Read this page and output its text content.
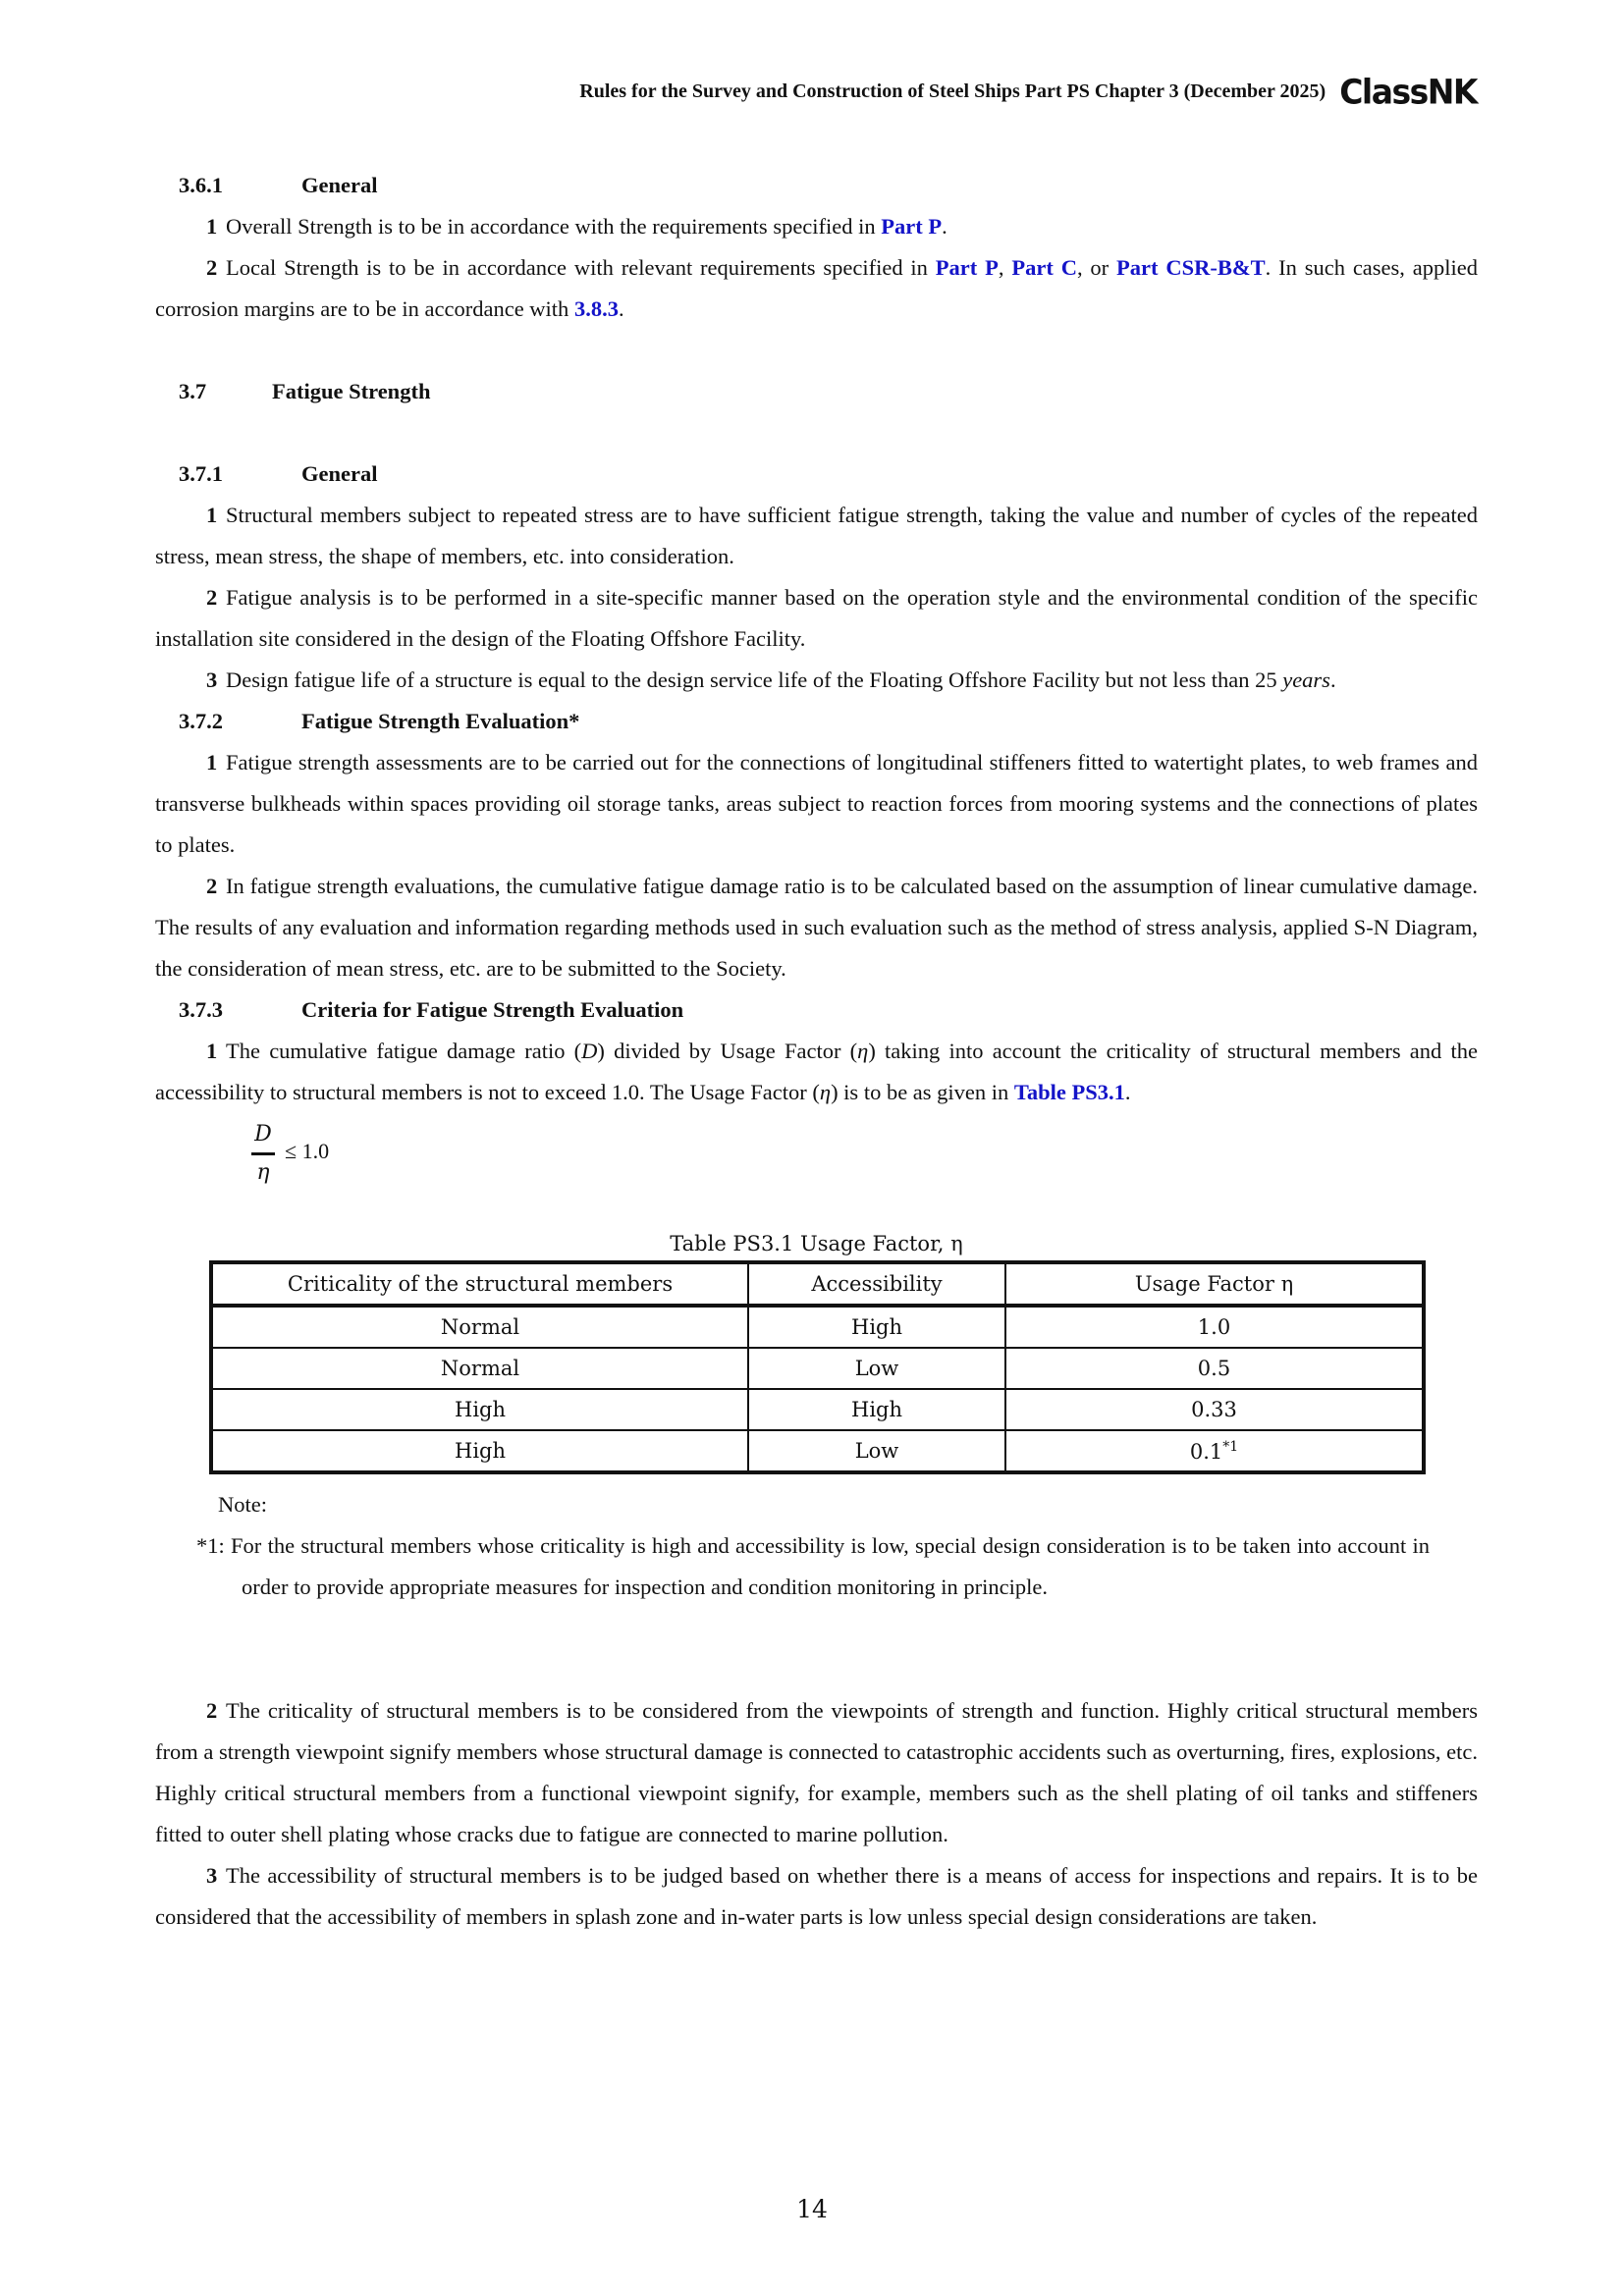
Rules for the Survey and Construction of Steel Ships Part PS Chapter 3 (December 2025) ClassNK
3.6.1	General

1 Overall Strength is to be in accordance with the requirements specified in Part P.

2 Local Strength is to be in accordance with relevant requirements specified in Part P, Part C, or Part CSR-B&T. In such cases, applied corrosion margins are to be in accordance with 3.8.3.

3.7	Fatigue Strength
3.7.1	General

1 Structural members subject to repeated stress are to have sufficient fatigue strength, taking the value and number of cycles of the repeated stress, mean stress, the shape of members, etc. into consideration.

2 Fatigue analysis is to be performed in a site-specific manner based on the operation style and the environmental condition of the specific installation site considered in the design of the Floating Offshore Facility.

3 Design fatigue life of a structure is equal to the design service life of the Floating Offshore Facility but not less than 25 years.

3.7.2	Fatigue Strength Evaluation*

1 Fatigue strength assessments are to be carried out for the connections of longitudinal stiffeners fitted to watertight plates, to web frames and transverse bulkheads within spaces providing oil storage tanks, areas subject to reaction forces from mooring systems and the connections of plates to plates.

2 In fatigue strength evaluations, the cumulative fatigue damage ratio is to be calculated based on the assumption of linear cumulative damage. The results of any evaluation and information regarding methods used in such evaluation such as the method of stress analysis, applied S-N Diagram, the consideration of mean stress, etc. are to be submitted to the Society.

3.7.3	Criteria for Fatigue Strength Evaluation

1 The cumulative fatigue damage ratio (D) divided by Usage Factor (η) taking into account the criticality of structural members and the accessibility to structural members is not to exceed 1.0. The Usage Factor (η) is to be as given in Table PS3.1.

D
η
≤ 1.0
Table PS3.1 Usage Factor, η
Criticality of the structural members	Accessibility	Usage Factor η
Normal	High	1.0
Normal	Low	0.5
High	High	0.33
High	Low	0.1$^{*1}$
Note:
*1: For the structural members whose criticality is high and accessibility is low, special design consideration is to be taken into account in order to provide appropriate measures for inspection and condition monitoring in principle.

2 The criticality of structural members is to be considered from the viewpoints of strength and function. Highly critical structural members from a strength viewpoint signify members whose structural damage is connected to catastrophic accidents such as overturning, fires, explosions, etc. Highly critical structural members from a functional viewpoint signify, for example, members such as the shell plating of oil tanks and stiffeners fitted to outer shell plating whose cracks due to fatigue are connected to marine pollution.

3 The accessibility of structural members is to be judged based on whether there is a means of access for inspections and repairs. It is to be considered that the accessibility of members in splash zone and in-water parts is low unless special design considerations are taken.

14
